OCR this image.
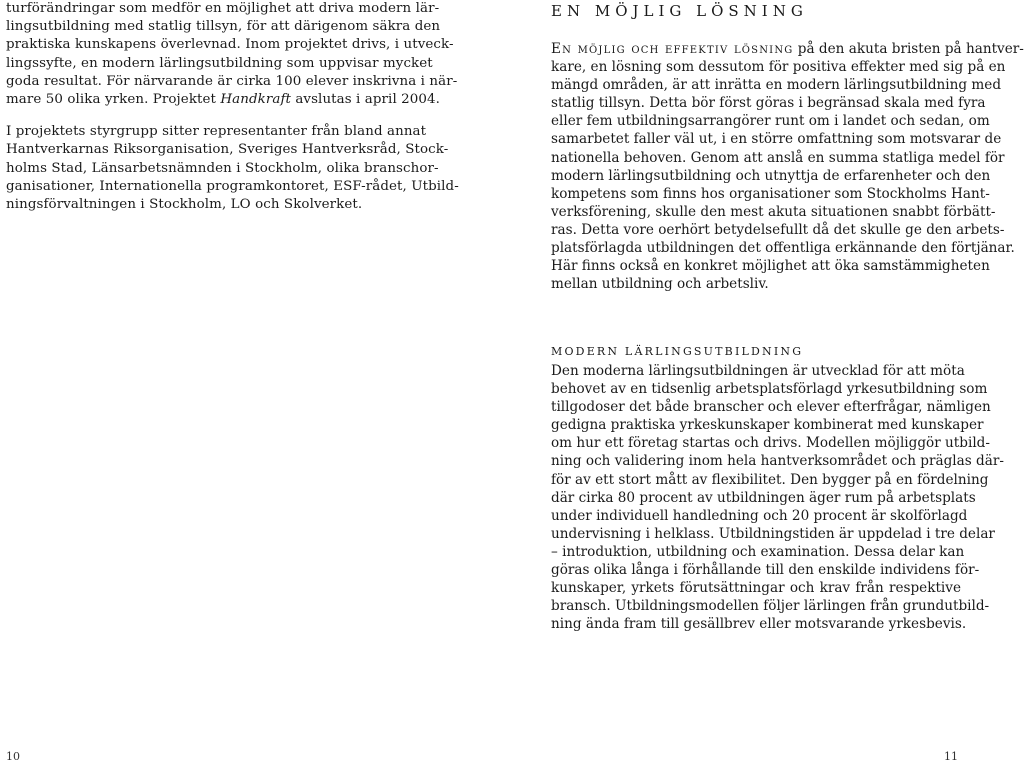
turförändringar som medför en möjlighet att driva modern lär-
lingsutbildning med statlig tillsyn, för att därigenom säkra den
praktiska kunskapens överlevnad. Inom projektet drivs, i utveck-
lingssyfte, en modern lärlingsutbildning som uppvisar mycket
goda resultat. För närvarande är cirka 100 elever inskrivna i när-
mare 50 olika yrken. Projektet Handkraft avslutas i april 2004.
I projektets styrgrupp sitter representanter från bland annat
Hantverkarnas Riksorganisation, Sveriges Hantverksråd, Stock-
holms Stad, Länsarbetsnämnden i Stockholm, olika branschor-
ganisationer, Internationella programkontoret, ESF-rådet, Utbild-
ningsförvaltningen i Stockholm, LO och Skolverket.
EN MÖJLIG LÖSNING
En möjlig och effektiv lösning på den akuta bristen på hantver-
kare, en lösning som dessutom för positiva effekter med sig på en
mängd områden, är att inrätta en modern lärlingsutbildning med
statlig tillsyn. Detta bör först göras i begränsad skala med fyra
eller fem utbildningsarrangörer runt om i landet och sedan, om
samarbetet faller väl ut, i en större omfattning som motsvarar de
nationella behoven. Genom att anslå en summa statliga medel för
modern lärlingsutbildning och utnyttja de erfarenheter och den
kompetens som finns hos organisationer som Stockholms Hant-
verksförening, skulle den mest akuta situationen snabbt förbätt-
ras. Detta vore oerhört betydelsefullt då det skulle ge den arbets-
platsförlagda utbildningen det offentliga erkännande den förtjänar.
Här finns också en konkret möjlighet att öka samstämmigheten
mellan utbildning och arbetsliv.
MODERN LÄRLINGSUTBILDNING
Den moderna lärlingsutbildningen är utvecklad för att möta
behovet av en tidsenlig arbetsplatsförlagd yrkesutbildning som
tillgodoser det både branscher och elever efterfrågar, nämligen
gedigna praktiska yrkeskunskaper kombinerat med kunskaper
om hur ett företag startas och drivs. Modellen möjliggör utbild-
ning och validering inom hela hantverksområdet och präglas där-
för av ett stort mått av flexibilitet. Den bygger på en fördelning
där cirka 80 procent av utbildningen äger rum på arbetsplats
under individuell handledning och 20 procent är skolförlagd
undervisning i helklass. Utbildningstiden är uppdelad i tre delar
– introduktion, utbildning och examination. Dessa delar kan
göras olika långa i förhållande till den enskilde individens för-
kunskaper, yrkets förutsättningar och krav från respektive
bransch. Utbildningsmodellen följer lärlingen från grundutbild-
ning ända fram till gesällbrev eller motsvarande yrkesbevis.
10	11
